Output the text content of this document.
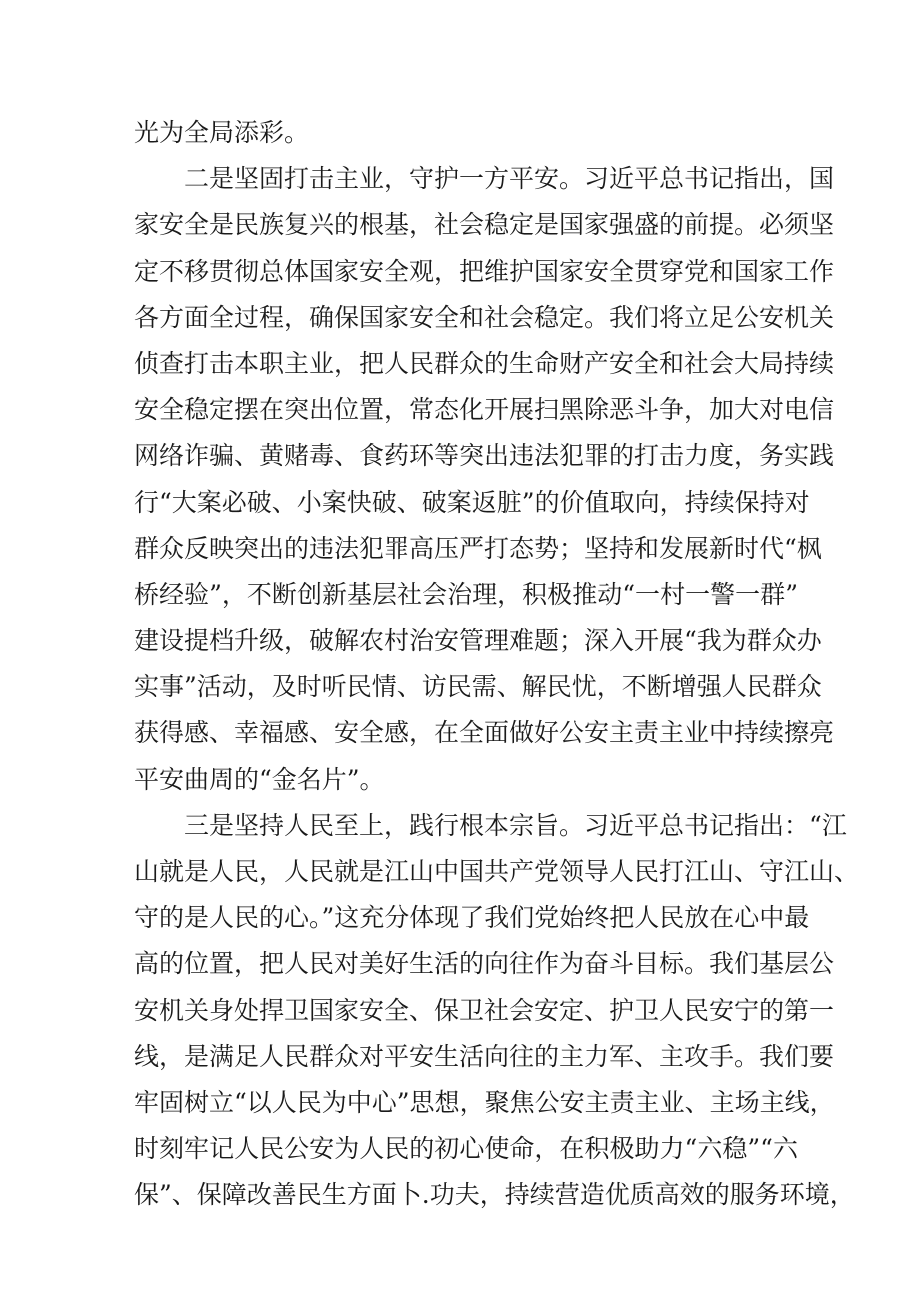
光为全局添彩。
二是坚固打击主业，守护一方平安。习近平总书记指出，国
家安全是民族复兴的根基，社会稳定是国家强盛的前提。必须坚
定不移贯彻总体国家安全观，把维护国家安全贯穿党和国家工作
各方面全过程，确保国家安全和社会稳定。我们将立足公安机关
侦查打击本职主业，把人民群众的生命财产安全和社会大局持续
安全稳定摆在突出位置，常态化开展扫黑除恶斗争，加大对电信
网络诈骗、黄赌毒、食药环等突出违法犯罪的打击力度，务实践
行“大案必破、小案快破、破案返脏”的价值取向，持续保持对
群众反映突出的违法犯罪高压严打态势；坚持和发展新时代“枫
桥经验”，不断创新基层社会治理，积极推动“一村一警一群”
建设提档升级，破解农村治安管理难题；深入开展“我为群众办
实事”活动，及时听民情、访民需、解民忧，不断增强人民群众
获得感、幸福感、安全感，在全面做好公安主责主业中持续擦亮
平安曲周的“金名片”。
三是坚持人民至上，践行根本宗旨。习近平总书记指出：“江
山就是人民，人民就是江山中国共产党领导人民打江山、守江山、
守的是人民的心。”这充分体现了我们党始终把人民放在心中最
高的位置，把人民对美好生活的向往作为奋斗目标。我们基层公
安机关身处捍卫国家安全、保卫社会安定、护卫人民安宁的第一
线，是满足人民群众对平安生活向往的主力军、主攻手。我们要
牢固树立“以人民为中心”思想，聚焦公安主责主业、主场主线，
时刻牢记人民公安为人民的初心使命，在积极助力“六稳”“六
保”、保障改善民生方面卜.功夫，持续营造优质高效的服务环境，
